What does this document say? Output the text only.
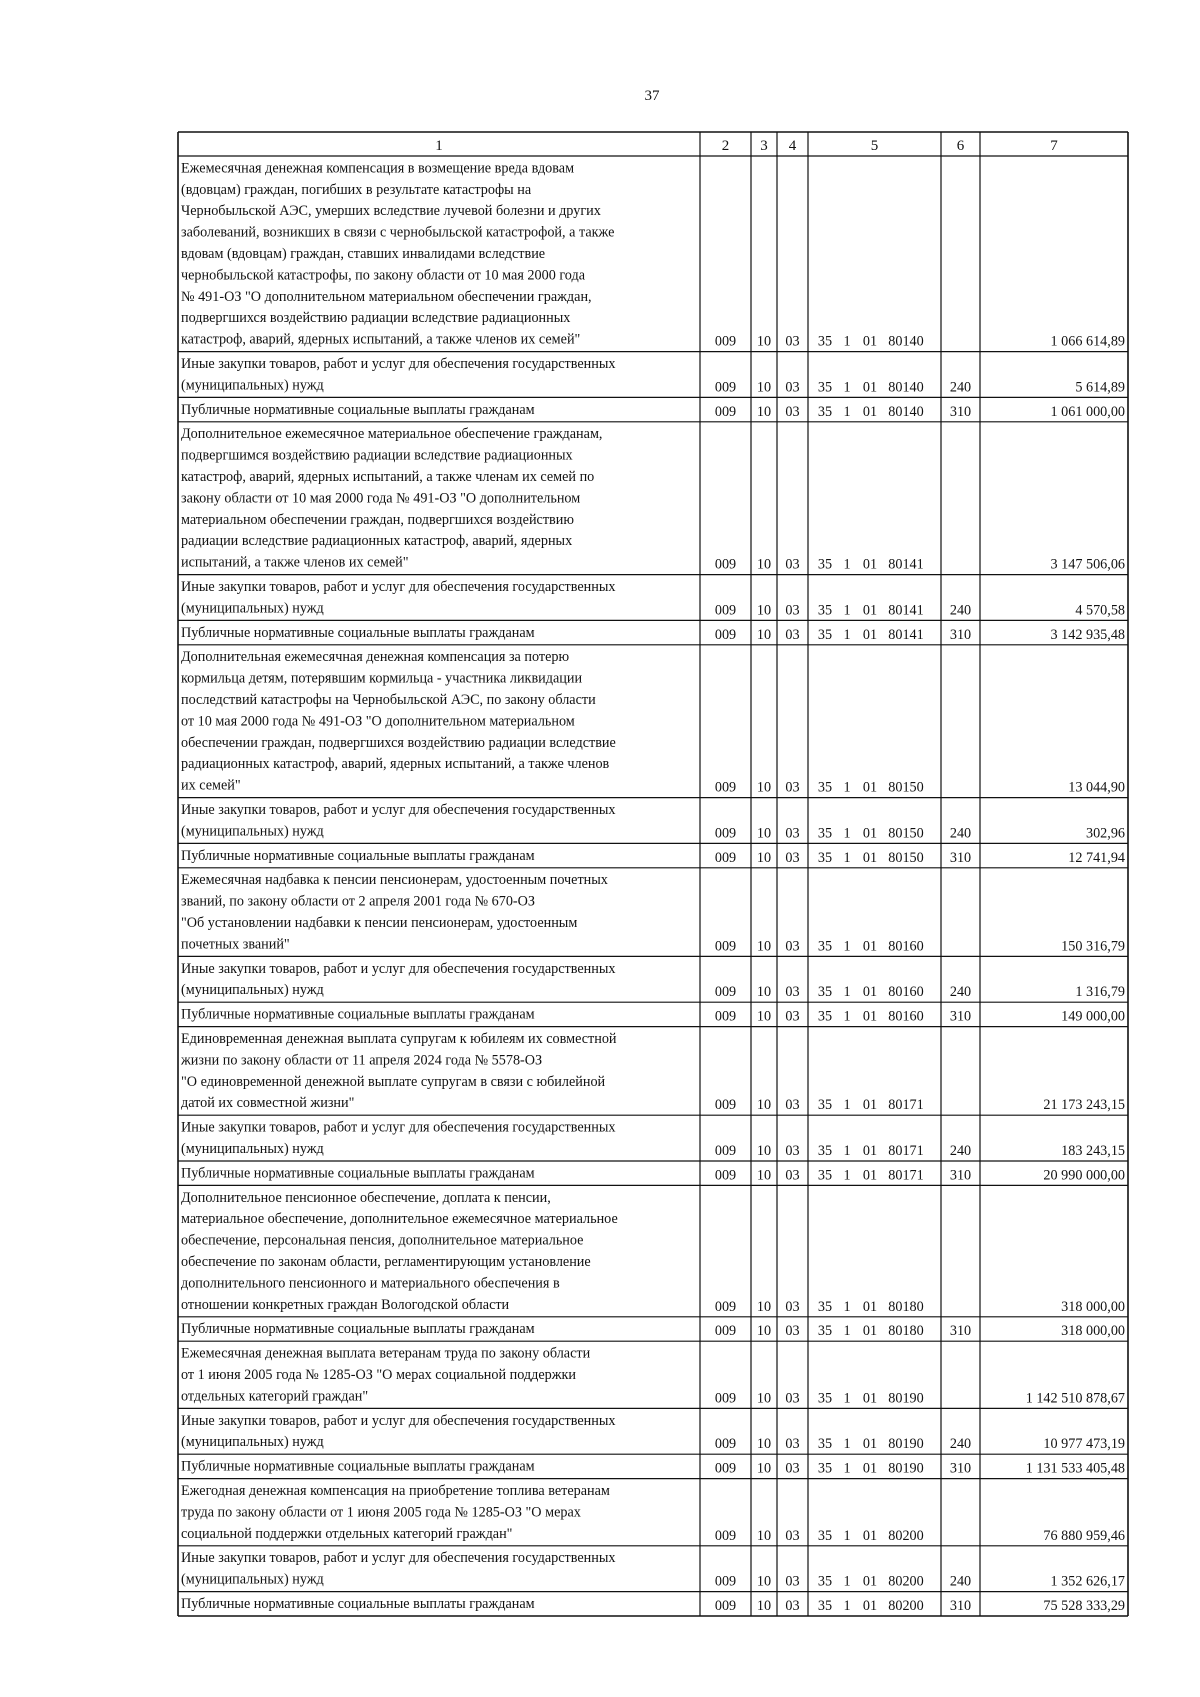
37
1	2 3 4	5	6	7
Ежемесячная денежная компенсация в возмещение вреда вдовам
(вдовцам) граждан, погибших в результате катастрофы на
Чернобыльской АЭС, умерших вследствие лучевой болезни и других
заболеваний, возникших в связи с чернобыльской катастрофой, а также
вдовам (вдовцам) граждан, ставших инвалидами вследствие
чернобыльской катастрофы, по закону области от 10 мая 2000 года
№ 491-ОЗ "О дополнительном материальном обеспечении граждан,
подвергшихся воздействию радиации вследствие радиационных
катастроф, аварий, ядерных испытаний, а также членов их семей"	009 10 03 35 1 01 80140	1 066 614,89
Иные закупки товаров, работ и услуг для обеспечения государственных
(муниципальных) нужд	009 10 03 35 1 01 80140 240	5 614,89
Публичные нормативные социальные выплаты гражданам	009 10 03 35 1 01 80140 310	1 061 000,00
Дополнительное ежемесячное материальное обеспечение гражданам,
подвергшимся воздействию радиации вследствие радиационных
катастроф, аварий, ядерных испытаний, а также членам их семей по
закону области от 10 мая 2000 года № 491-ОЗ "О дополнительном
материальном обеспечении граждан, подвергшихся воздействию
радиации вследствие радиационных катастроф, аварий, ядерных
испытаний, а также членов их семей"	009 10 03 35 1 01 80141	3 147 506,06
Иные закупки товаров, работ и услуг для обеспечения государственных
(муниципальных) нужд	009 10 03 35 1 01 80141 240	4 570,58
Публичные нормативные социальные выплаты гражданам	009 10 03 35 1 01 80141 310	3 142 935,48
Дополнительная ежемесячная денежная компенсация за потерю
кормильца детям, потерявшим кормильца - участника ликвидации
последствий катастрофы на Чернобыльской АЭС, по закону области
от 10 мая 2000 года № 491-ОЗ "О дополнительном материальном
обеспечении граждан, подвергшихся воздействию радиации вследствие
радиационных катастроф, аварий, ядерных испытаний, а также членов
их семей"	009 10 03 35 1 01 80150	13 044,90
Иные закупки товаров, работ и услуг для обеспечения государственных
(муниципальных) нужд	009 10 03 35 1 01 80150 240	302,96
Публичные нормативные социальные выплаты гражданам	009 10 03 35 1 01 80150 310	12 741,94
Ежемесячная надбавка к пенсии пенсионерам, удостоенным почетных
званий, по закону области от 2 апреля 2001 года № 670-ОЗ
"Об установлении надбавки к пенсии пенсионерам, удостоенным
почетных званий"	009 10 03 35 1 01 80160	150 316,79
Иные закупки товаров, работ и услуг для обеспечения государственных
(муниципальных) нужд	009 10 03 35 1 01 80160 240	1 316,79
Публичные нормативные социальные выплаты гражданам	009 10 03 35 1 01 80160 310	149 000,00
Единовременная денежная выплата супругам к юбилеям их совместной
жизни по закону области от 11 апреля 2024 года № 5578-ОЗ
"О единовременной денежной выплате супругам в связи с юбилейной
датой их совместной жизни"	009 10 03 35 1 01 80171	21 173 243,15
Иные закупки товаров, работ и услуг для обеспечения государственных
(муниципальных) нужд	009 10 03 35 1 01 80171 240	183 243,15
Публичные нормативные социальные выплаты гражданам	009 10 03 35 1 01 80171 310	20 990 000,00
Дополнительное пенсионное обеспечение, доплата к пенсии,
материальное обеспечение, дополнительное ежемесячное материальное
обеспечение, персональная пенсия, дополнительное материальное
обеспечение по законам области, регламентирующим установление
дополнительного пенсионного и материального обеспечения в
отношении конкретных граждан Вологодской области	009 10 03 35 1 01 80180	318 000,00
Публичные нормативные социальные выплаты гражданам	009 10 03 35 1 01 80180 310	318 000,00
Ежемесячная денежная выплата ветеранам труда по закону области
от 1 июня 2005 года № 1285-ОЗ "О мерах социальной поддержки
отдельных категорий граждан"	009 10 03 35 1 01 80190	1 142 510 878,67
Иные закупки товаров, работ и услуг для обеспечения государственных
(муниципальных) нужд	009 10 03 35 1 01 80190 240	10 977 473,19
Публичные нормативные социальные выплаты гражданам	009 10 03 35 1 01 80190 310	1 131 533 405,48
Ежегодная денежная компенсация на приобретение топлива ветеранам
труда по закону области от 1 июня 2005 года № 1285-ОЗ "О мерах
социальной поддержки отдельных категорий граждан"	009 10 03 35 1 01 80200	76 880 959,46
Иные закупки товаров, работ и услуг для обеспечения государственных
(муниципальных) нужд	009 10 03 35 1 01 80200 240	1 352 626,17
Публичные нормативные социальные выплаты гражданам	009 10 03 35 1 01 80200 310	75 528 333,29
